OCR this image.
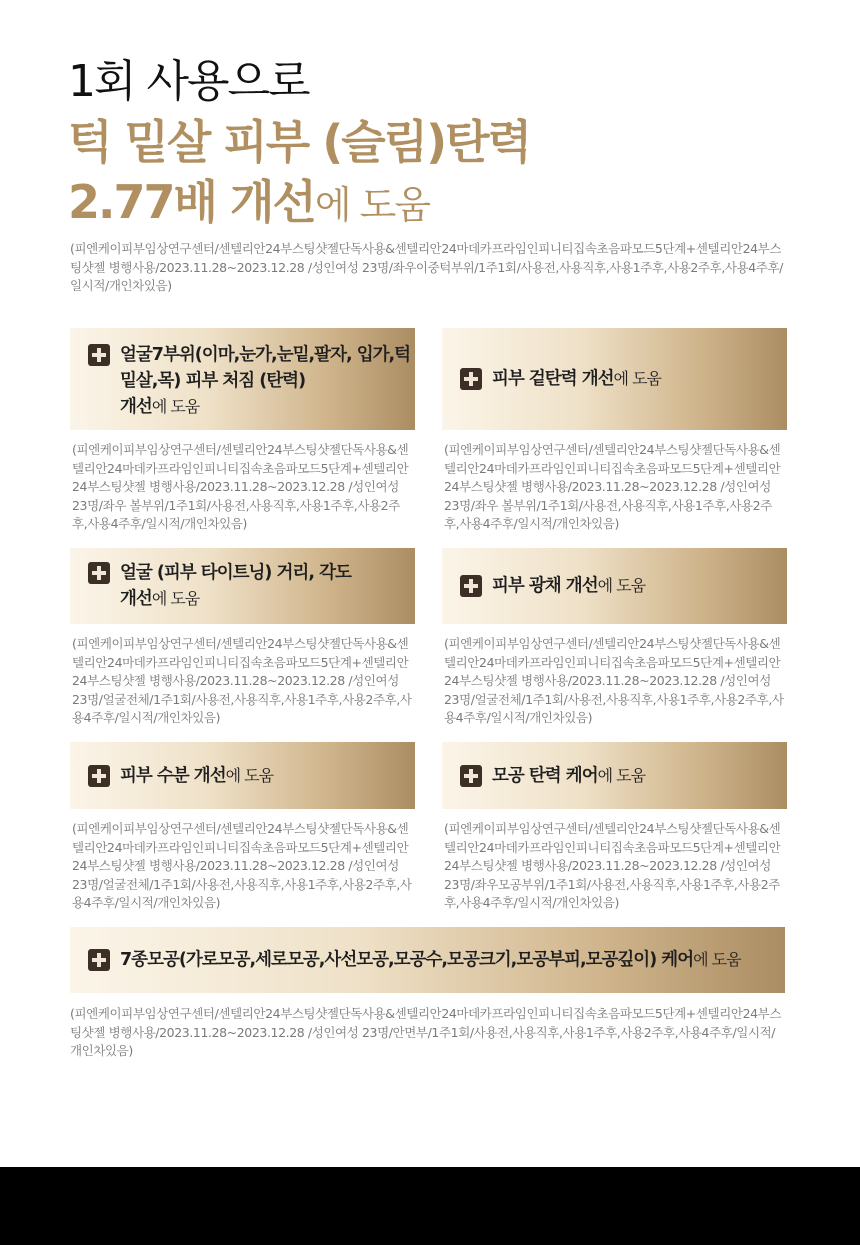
1회 사용으로
턱 밑살 피부 (슬림)탄력
2.77배 개선에 도움
(피엔케이피부임상연구센터/센텔리안24부스팅샷젤단독사용&센텔리안24마데카프라임인피니티집속초음파모드5단계+센텔리안24부스팅샷젤 병행사용/2023.11.28~2023.12.28 /성인여성 23명/좌우이중턱부위/1주1회/사용전,사용직후,사용1주후,사용2주후,사용4주후/일시적/개인차있음)
얼굴7부위(이마,눈가,눈밑,팔자, 입가,턱밑살,목) 피부 처짐 (탄력)
개선에 도움
(피엔케이피부임상연구센터/센텔리안24부스팅샷젤단독사용&센텔리안24마데카프라임인피니티집속초음파모드5단계+센텔리안24부스팅샷젤 병행사용/2023.11.28~2023.12.28 /성인여성 23명/좌우 볼부위/1주1회/사용전,사용직후,사용1주후,사용2주후,사용4주후/일시적/개인차있음)
피부 겉탄력 개선에 도움
(피엔케이피부임상연구센터/센텔리안24부스팅샷젤단독사용&센텔리안24마데카프라임인피니티집속초음파모드5단계+센텔리안24부스팅샷젤 병행사용/2023.11.28~2023.12.28 /성인여성 23명/좌우 볼부위/1주1회/사용전,사용직후,사용1주후,사용2주후,사용4주후/일시적/개인차있음)
얼굴 (피부 타이트닝) 거리, 각도
개선에 도움
(피엔케이피부임상연구센터/센텔리안24부스팅샷젤단독사용&센텔리안24마데카프라임인피니티집속초음파모드5단계+센텔리안24부스팅샷젤 병행사용/2023.11.28~2023.12.28 /성인여성 23명/얼굴전체/1주1회/사용전,사용직후,사용1주후,사용2주후,사용4주후/일시적/개인차있음)
피부 광채 개선에 도움
(피엔케이피부임상연구센터/센텔리안24부스팅샷젤단독사용&센텔리안24마데카프라임인피니티집속초음파모드5단계+센텔리안24부스팅샷젤 병행사용/2023.11.28~2023.12.28 /성인여성 23명/얼굴전체/1주1회/사용전,사용직후,사용1주후,사용2주후,사용4주후/일시적/개인차있음)
피부 수분 개선에 도움
(피엔케이피부임상연구센터/센텔리안24부스팅샷젤단독사용&센텔리안24마데카프라임인피니티집속초음파모드5단계+센텔리안24부스팅샷젤 병행사용/2023.11.28~2023.12.28 /성인여성 23명/얼굴전체/1주1회/사용전,사용직후,사용1주후,사용2주후,사용4주후/일시적/개인차있음)
모공 탄력 케어에 도움
(피엔케이피부임상연구센터/센텔리안24부스팅샷젤단독사용&센텔리안24마데카프라임인피니티집속초음파모드5단계+센텔리안24부스팅샷젤 병행사용/2023.11.28~2023.12.28 /성인여성 23명/좌우모공부위/1주1회/사용전,사용직후,사용1주후,사용2주후,사용4주후/일시적/개인차있음)
7종모공(가로모공,세로모공,사선모공,모공수,모공크기,모공부피,모공깊이) 케어에 도움
(피엔케이피부임상연구센터/센텔리안24부스팅샷젤단독사용&센텔리안24마데카프라임인피니티집속초음파모드5단계+센텔리안24부스팅샷젤 병행사용/2023.11.28~2023.12.28 /성인여성 23명/안면부/1주1회/사용전,사용직후,사용1주후,사용2주후,사용4주후/일시적/개인차있음)
